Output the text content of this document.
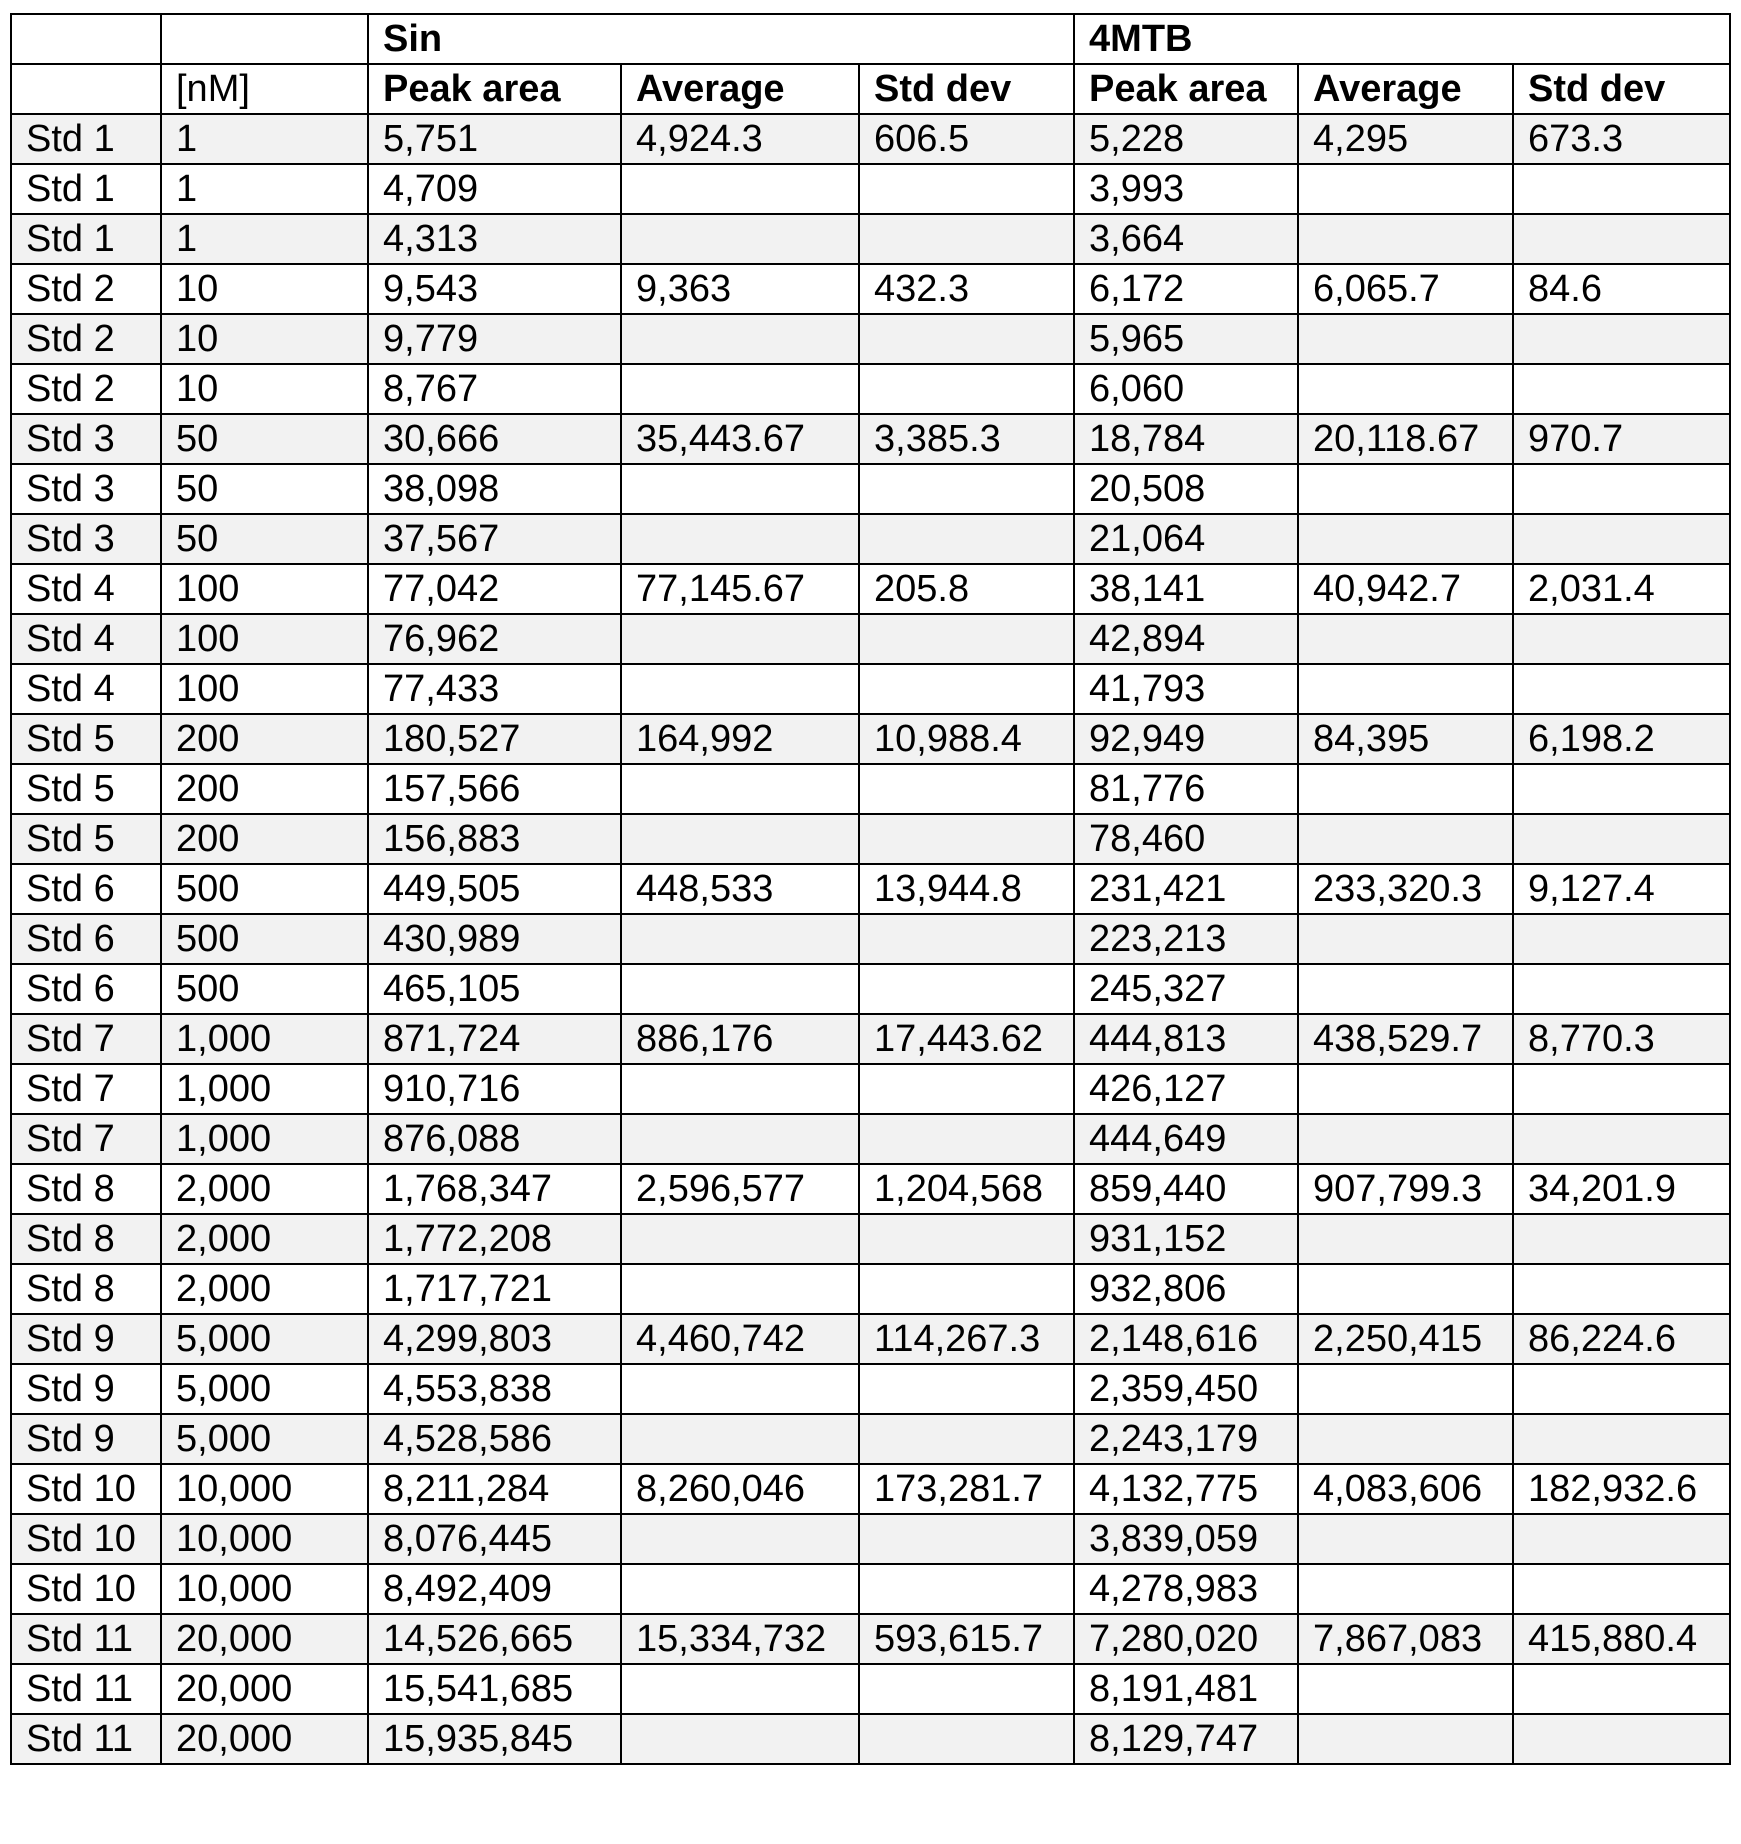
		Sin			4MTB		
	[nM]	Peak area	Average	Std dev	Peak area	Average	Std dev
Std 1	1	5,751	4,924.3	606.5	5,228	4,295	673.3
Std 1	1	4,709			3,993		
Std 1	1	4,313			3,664		
Std 2	10	9,543	9,363	432.3	6,172	6,065.7	84.6
Std 2	10	9,779			5,965		
Std 2	10	8,767			6,060		
Std 3	50	30,666	35,443.67	3,385.3	18,784	20,118.67	970.7
Std 3	50	38,098			20,508		
Std 3	50	37,567			21,064		
Std 4	100	77,042	77,145.67	205.8	38,141	40,942.7	2,031.4
Std 4	100	76,962			42,894		
Std 4	100	77,433			41,793		
Std 5	200	180,527	164,992	10,988.4	92,949	84,395	6,198.2
Std 5	200	157,566			81,776		
Std 5	200	156,883			78,460		
Std 6	500	449,505	448,533	13,944.8	231,421	233,320.3	9,127.4
Std 6	500	430,989			223,213		
Std 6	500	465,105			245,327		
Std 7	1,000	871,724	886,176	17,443.62	444,813	438,529.7	8,770.3
Std 7	1,000	910,716			426,127		
Std 7	1,000	876,088			444,649		
Std 8	2,000	1,768,347	2,596,577	1,204,568	859,440	907,799.3	34,201.9
Std 8	2,000	1,772,208			931,152		
Std 8	2,000	1,717,721			932,806		
Std 9	5,000	4,299,803	4,460,742	114,267.3	2,148,616	2,250,415	86,224.6
Std 9	5,000	4,553,838			2,359,450		
Std 9	5,000	4,528,586			2,243,179		
Std 10	10,000	8,211,284	8,260,046	173,281.7	4,132,775	4,083,606	182,932.6
Std 10	10,000	8,076,445			3,839,059		
Std 10	10,000	8,492,409			4,278,983		
Std 11	20,000	14,526,665	15,334,732	593,615.7	7,280,020	7,867,083	415,880.4
Std 11	20,000	15,541,685			8,191,481		
Std 11	20,000	15,935,845			8,129,747		
